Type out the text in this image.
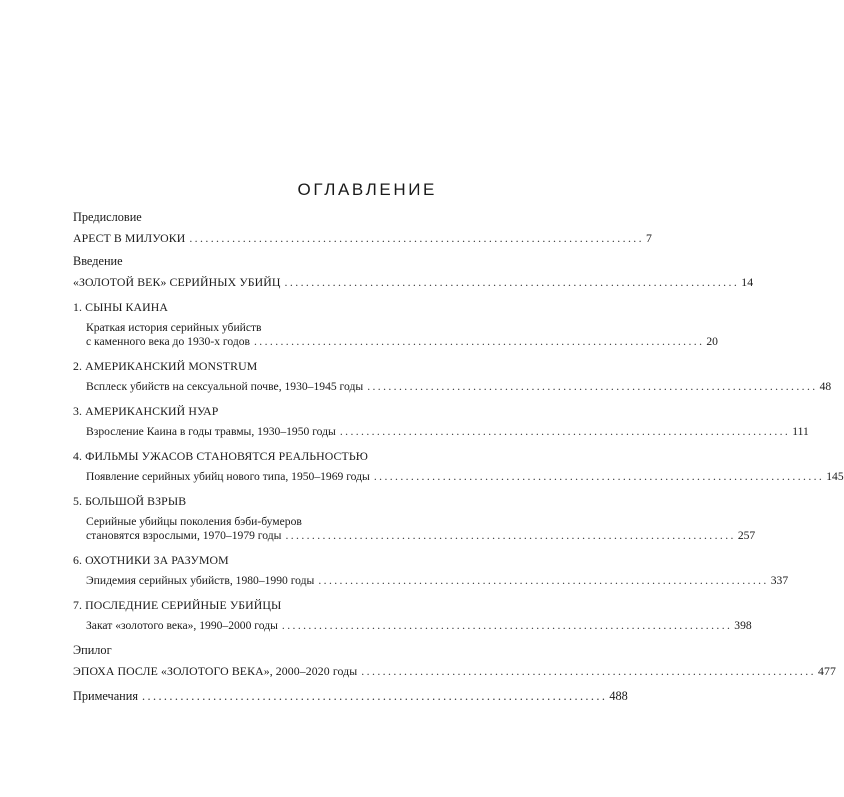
ОГЛАВЛЕНИЕ
Предисловие
АРЕСТ В МИЛУОКИ ..................................................................................... 7
Введение
«ЗОЛОТОЙ ВЕК» СЕРИЙНЫХ УБИЙЦ ..................................................................................... 14
1. СЫНЫ КАИНА
Краткая история серийных убийств
с каменного века до 1930-х годов ..................................................................................... 20
2. АМЕРИКАНСКИЙ MONSTRUM
Всплеск убийств на сексуальной почве, 1930–1945 годы ..................................................................................... 48
3. АМЕРИКАНСКИЙ НУАР
Взросление Каина в годы травмы, 1930–1950 годы ..................................................................................... 111
4. ФИЛЬМЫ УЖАСОВ СТАНОВЯТСЯ РЕАЛЬНОСТЬЮ
Появление серийных убийц нового типа, 1950–1969 годы ..................................................................................... 145
5. БОЛЬШОЙ ВЗРЫВ
Серийные убийцы поколения бэби-бумеров
становятся взрослыми, 1970–1979 годы ..................................................................................... 257
6. ОХОТНИКИ ЗА РАЗУМОМ
Эпидемия серийных убийств, 1980–1990 годы ..................................................................................... 337
7. ПОСЛЕДНИЕ СЕРИЙНЫЕ УБИЙЦЫ
Закат «золотого века», 1990–2000 годы ..................................................................................... 398
Эпилог
ЭПОХА ПОСЛЕ «ЗОЛОТОГО ВЕКА», 2000–2020 годы ..................................................................................... 477
Примечания ..................................................................................... 488
